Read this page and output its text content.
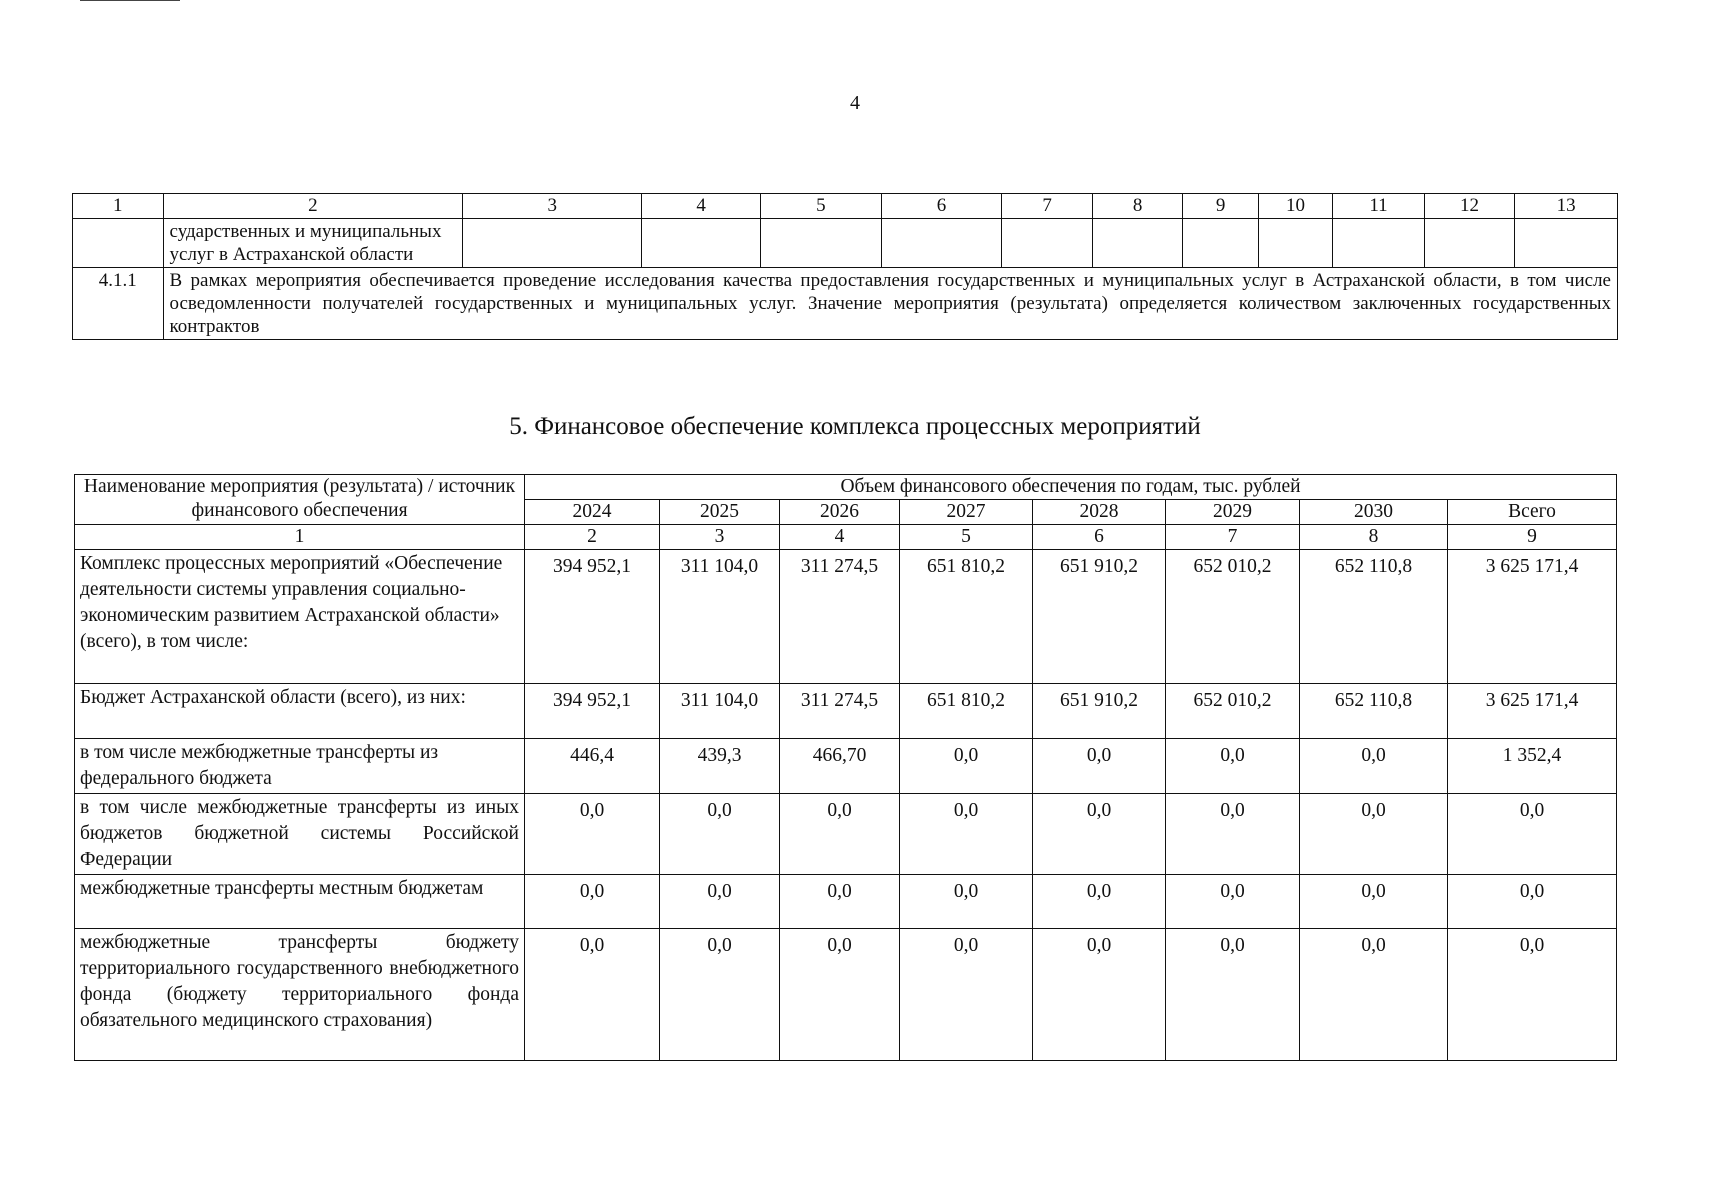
4
1	2	3	4	5	6	7	8	9	10	11	12	13
	сударственных и муниципальных услуг в Астраханской области											
4.1.1	В рамках мероприятия обеспечивается проведение исследования качества предоставления государственных и муниципальных услуг в Астраханской области, в том числе осведомленности получателей государственных и муниципальных услуг. Значение мероприятия (результата) определяется количеством заключенных государственных контрактов											
5. Финансовое обеспечение комплекса процессных мероприятий
Наименование мероприятия (результата) / источник финансового обеспечения	Объем финансового обеспечения по годам, тыс. рублей							
	2024	2025	2026	2027	2028	2029	2030	Всего
1	2	3	4	5	6	7	8	9
Комплекс процессных мероприятий «Обеспечение деятельности системы управления социально-экономическим развитием Астраханской области» (всего), в том числе:	394 952,1	311 104,0	311 274,5	651 810,2	651 910,2	652 010,2	652 110,8	3 625 171,4
Бюджет Астраханской области (всего), из них:	394 952,1	311 104,0	311 274,5	651 810,2	651 910,2	652 010,2	652 110,8	3 625 171,4
в том числе межбюджетные трансферты из федерального бюджета	446,4	439,3	466,70	0,0	0,0	0,0	0,0	1 352,4
в том числе межбюджетные трансферты из иных бюджетов бюджетной системы Российской Федерации	0,0	0,0	0,0	0,0	0,0	0,0	0,0	0,0
межбюджетные трансферты местным бюджетам	0,0	0,0	0,0	0,0	0,0	0,0	0,0	0,0
межбюджетные трансферты бюджету территориального государственного внебюджетного фонда (бюджету территориального фонда обязательного медицинского страхования)	0,0	0,0	0,0	0,0	0,0	0,0	0,0	0,0
